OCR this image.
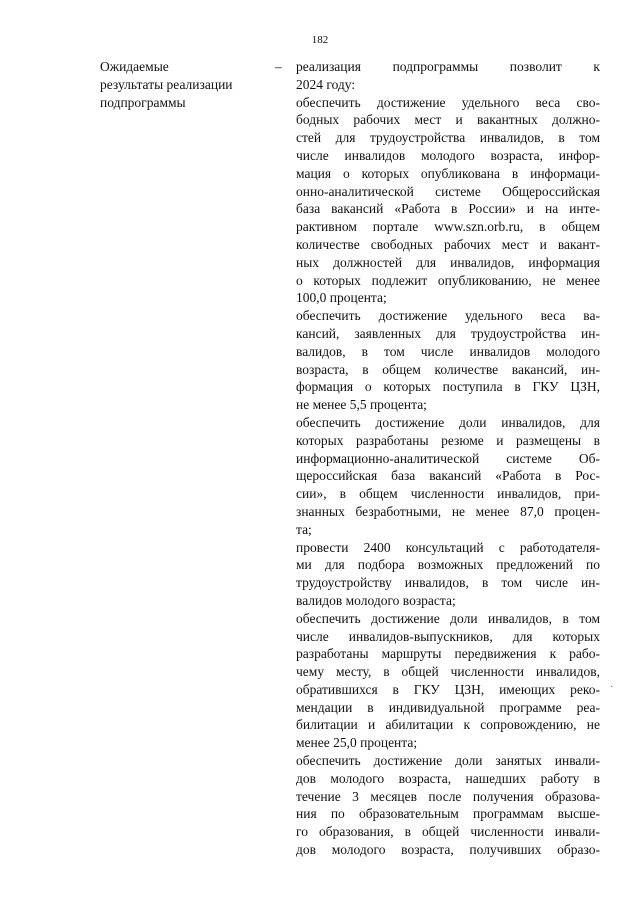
182
Ожидаемые
результаты реализации
подпрограммы
– реализация подпрограммы позволит к
2024 году:
обеспечить достижение удельного веса сво-
бодных рабочих мест и вакантных должно-
стей для трудоустройства инвалидов, в том
числе инвалидов молодого возраста, инфор-
мация о которых опубликована в информаци-
онно-аналитической системе Общероссийская
база вакансий «Работа в России» и на инте-
рактивном портале www.szn.orb.ru, в общем
количестве свободных рабочих мест и вакант-
ных должностей для инвалидов, информация
о которых подлежит опубликованию, не менее
100,0 процента;
обеспечить достижение удельного веса ва-
кансий, заявленных для трудоустройства ин-
валидов, в том числе инвалидов молодого
возраста, в общем количестве вакансий, ин-
формация о которых поступила в ГКУ ЦЗН,
не менее 5,5 процента;
обеспечить достижение доли инвалидов, для
которых разработаны резюме и размещены в
информационно-аналитической системе Об-
щероссийская база вакансий «Работа в Рос-
сии», в общем численности инвалидов, при-
знанных безработными, не менее 87,0 процен-
та;
провести 2400 консультаций с работодателя-
ми для подбора возможных предложений по
трудоустройству инвалидов, в том числе ин-
валидов молодого возраста;
обеспечить достижение доли инвалидов, в том
числе инвалидов-выпускников, для которых
разработаны маршруты передвижения к рабо-
чему месту, в общей численности инвалидов,
обратившихся в ГКУ ЦЗН, имеющих реко-
мендации в индивидуальной программе реа-
билитации и абилитации к сопровождению, не
менее 25,0 процента;
обеспечить достижение доли занятых инвали-
дов молодого возраста, нашедших работу в
течение 3 месяцев после получения образова-
ния по образовательным программам высше-
го образования, в общей численности инвали-
дов молодого возраста, получивших образо-
·
